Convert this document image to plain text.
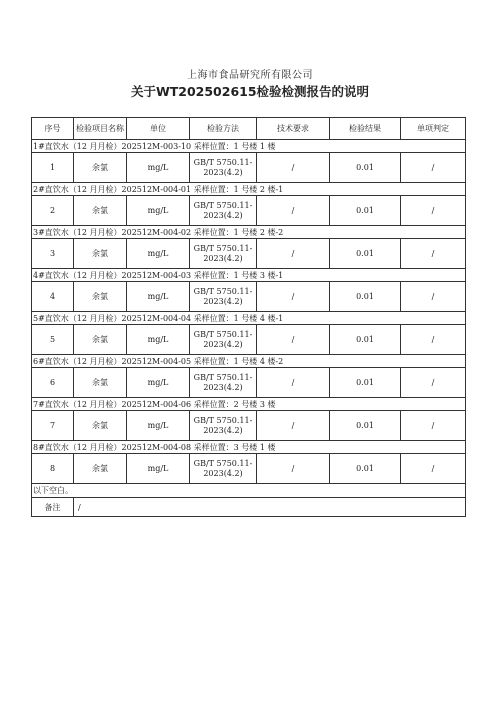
上海市食品研究所有限公司
关于WT202502615检验检测报告的说明
序号	检验项目名称	单位	检验方法	技术要求	检验结果	单项判定
1#直饮水（12 月月检）202512M-003-10 采样位置：1 号楼 1 楼						
1	余氯	mg/L	GB/T 5750.11-2023(4.2)	/	0.01	/
2#直饮水（12 月月检）202512M-004-01 采样位置：1 号楼 2 楼-1						
2	余氯	mg/L	GB/T 5750.11-2023(4.2)	/	0.01	/
3#直饮水（12 月月检）202512M-004-02 采样位置：1 号楼 2 楼-2						
3	余氯	mg/L	GB/T 5750.11-2023(4.2)	/	0.01	/
4#直饮水（12 月月检）202512M-004-03 采样位置：1 号楼 3 楼-1						
4	余氯	mg/L	GB/T 5750.11-2023(4.2)	/	0.01	/
5#直饮水（12 月月检）202512M-004-04 采样位置：1 号楼 4 楼-1						
5	余氯	mg/L	GB/T 5750.11-2023(4.2)	/	0.01	/
6#直饮水（12 月月检）202512M-004-05 采样位置：1 号楼 4 楼-2						
6	余氯	mg/L	GB/T 5750.11-2023(4.2)	/	0.01	/
7#直饮水（12 月月检）202512M-004-06 采样位置：2 号楼 3 楼						
7	余氯	mg/L	GB/T 5750.11-2023(4.2)	/	0.01	/
8#直饮水（12 月月检）202512M-004-08 采样位置：3 号楼 1 楼						
8	余氯	mg/L	GB/T 5750.11-2023(4.2)	/	0.01	/
以下空白。						
备注	/					
